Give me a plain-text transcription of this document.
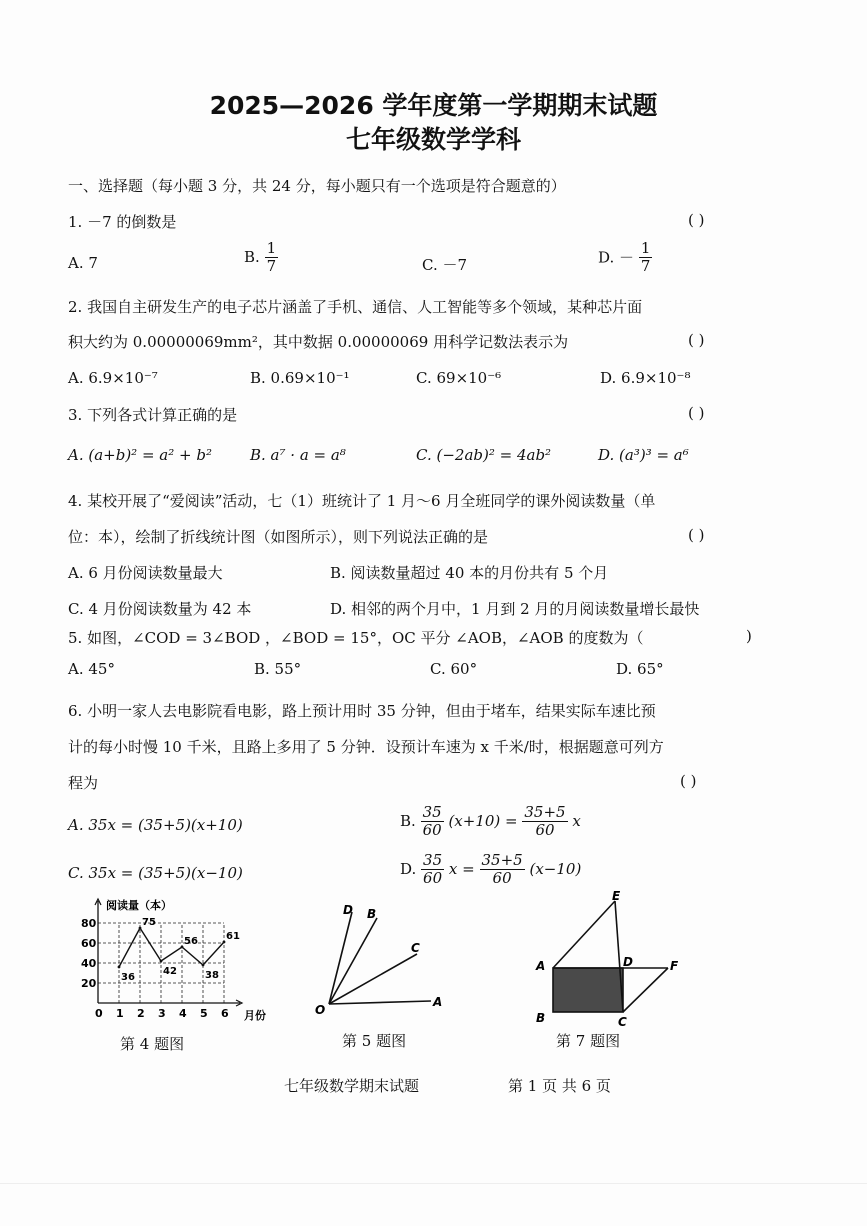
2025—2026 学年度第一学期期末试题
七年级数学学科
一、选择题（每小题 3 分，共 24 分，每小题只有一个选项是符合题意的）
1. －7 的倒数是	( )
A. 7	B. $\frac{1}{7}$	C. －7	D. － $\frac{1}{7}$
2. 我国自主研发生产的电子芯片涵盖了手机、通信、人工智能等多个领域，某种芯片面
积大约为 0.00000069mm²，其中数据 0.00000069 用科学记数法表示为	( )
A. 6.9×10⁻⁷	B. 0.69×10⁻¹	C. 69×10⁻⁶	D. 6.9×10⁻⁸
3. 下列各式计算正确的是	( )
A. (a+b)² = a² + b²	B. a⁷ · a = a⁸	C. (−2ab)² = 4ab²	D. (a³)³ = a⁶
4. 某校开展了“爱阅读”活动，七（1）班统计了 1 月～6 月全班同学的课外阅读数量（单
位：本），绘制了折线统计图（如图所示），则下列说法正确的是	( )
A. 6 月份阅读数量最大	B. 阅读数量超过 40 本的月份共有 5 个月
C. 4 月份阅读数量为 42 本	D. 相邻的两个月中，1 月到 2 月的月阅读数量增长最快
5. 如图，∠COD = 3∠BOD ，∠BOD = 15°，OC 平分 ∠AOB，∠AOB 的度数为（	)
A. 45°	B. 55°	C. 60°	D. 65°
6. 小明一家人去电影院看电影，路上预计用时 35 分钟，但由于堵车，结果实际车速比预
计的每小时慢 10 千米，且路上多用了 5 分钟．设预计车速为 x 千米/时，根据题意可列方
程为	( )
A. 35x = (35+5)(x+10)	B. $\frac{35}{60} (x+10) = \frac{35+5}{60}$ x
C. 35x = (35+5)(x−10)	D. $\frac{35}{60}$ $x = \frac{35+5}{60} (x-10)$
20
40
60
80
0 1 2 3 4 5 6
阅读量（本）
月份
36
75
42
56
38
61
第 4 题图
D B
C
O
A
第 5 题图
E
A	D	F
B	C
第 7 题图
七年级数学期末试题	第 1 页 共 6 页
